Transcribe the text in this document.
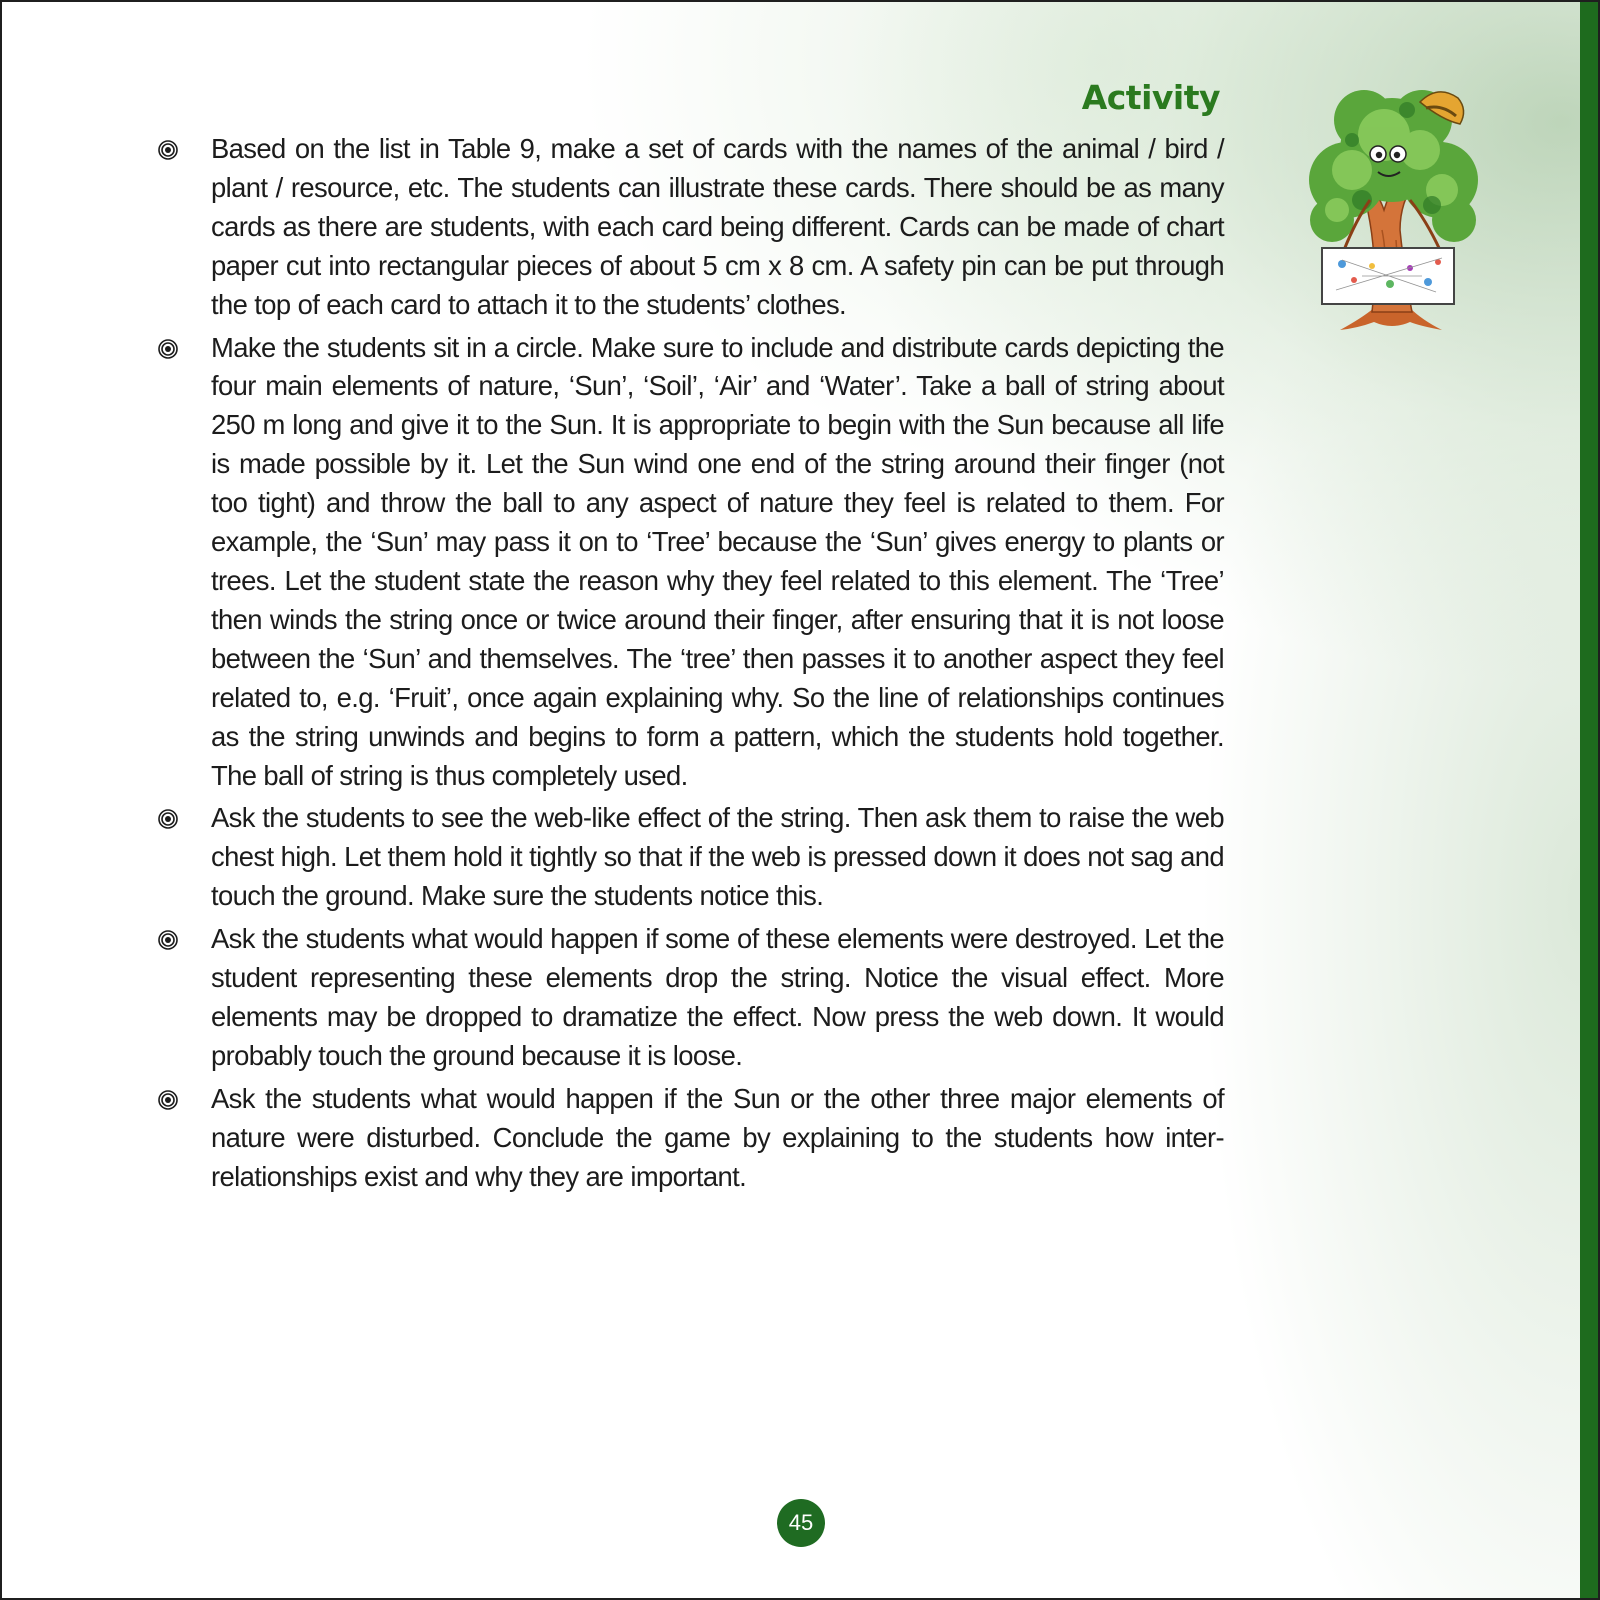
Activity
Based on the list in Table 9, make a set of cards with the names of the animal / bird / plant / resource, etc. The students can illustrate these cards. There should be as many cards as there are students, with each card being different. Cards can be made of chart paper cut into rectangular pieces of about 5 cm x 8 cm. A safety pin can be put through the top of each card to attach it to the students’ clothes.
Make the students sit in a circle. Make sure to include and distribute cards depicting the four main elements of nature, ‘Sun’, ‘Soil’, ‘Air’ and ‘Water’. Take a ball of string about 250 m long and give it to the Sun. It is appropriate to begin with the Sun because all life is made possible by it. Let the Sun wind one end of the string around their finger (not too tight) and throw the ball to any aspect of nature they feel is related to them. For example, the ‘Sun’ may pass it on to ‘Tree’ because the ‘Sun’ gives energy to plants or trees. Let the student state the reason why they feel related to this element. The ‘Tree’ then winds the string once or twice around their finger, after ensuring that it is not loose between the ‘Sun’ and themselves. The ‘tree’ then passes it to another aspect they feel related to, e.g. ‘Fruit’, once again explaining why. So the line of relationships continues as the string unwinds and begins to form a pattern, which the students hold together. The ball of string is thus completely used.
Ask the students to see the web-like effect of the string. Then ask them to raise the web chest high. Let them hold it tightly so that if the web is pressed down it does not sag and touch the ground. Make sure the students notice this.
Ask the students what would happen if some of these elements were destroyed. Let the student representing these elements drop the string. Notice the visual effect. More elements may be dropped to dramatize the effect. Now press the web down. It would probably touch the ground because it is loose.
Ask the students what would happen if the Sun or the other three major elements of nature were disturbed. Conclude the game by explaining to the students how inter-relationships exist and why they are important.
45
